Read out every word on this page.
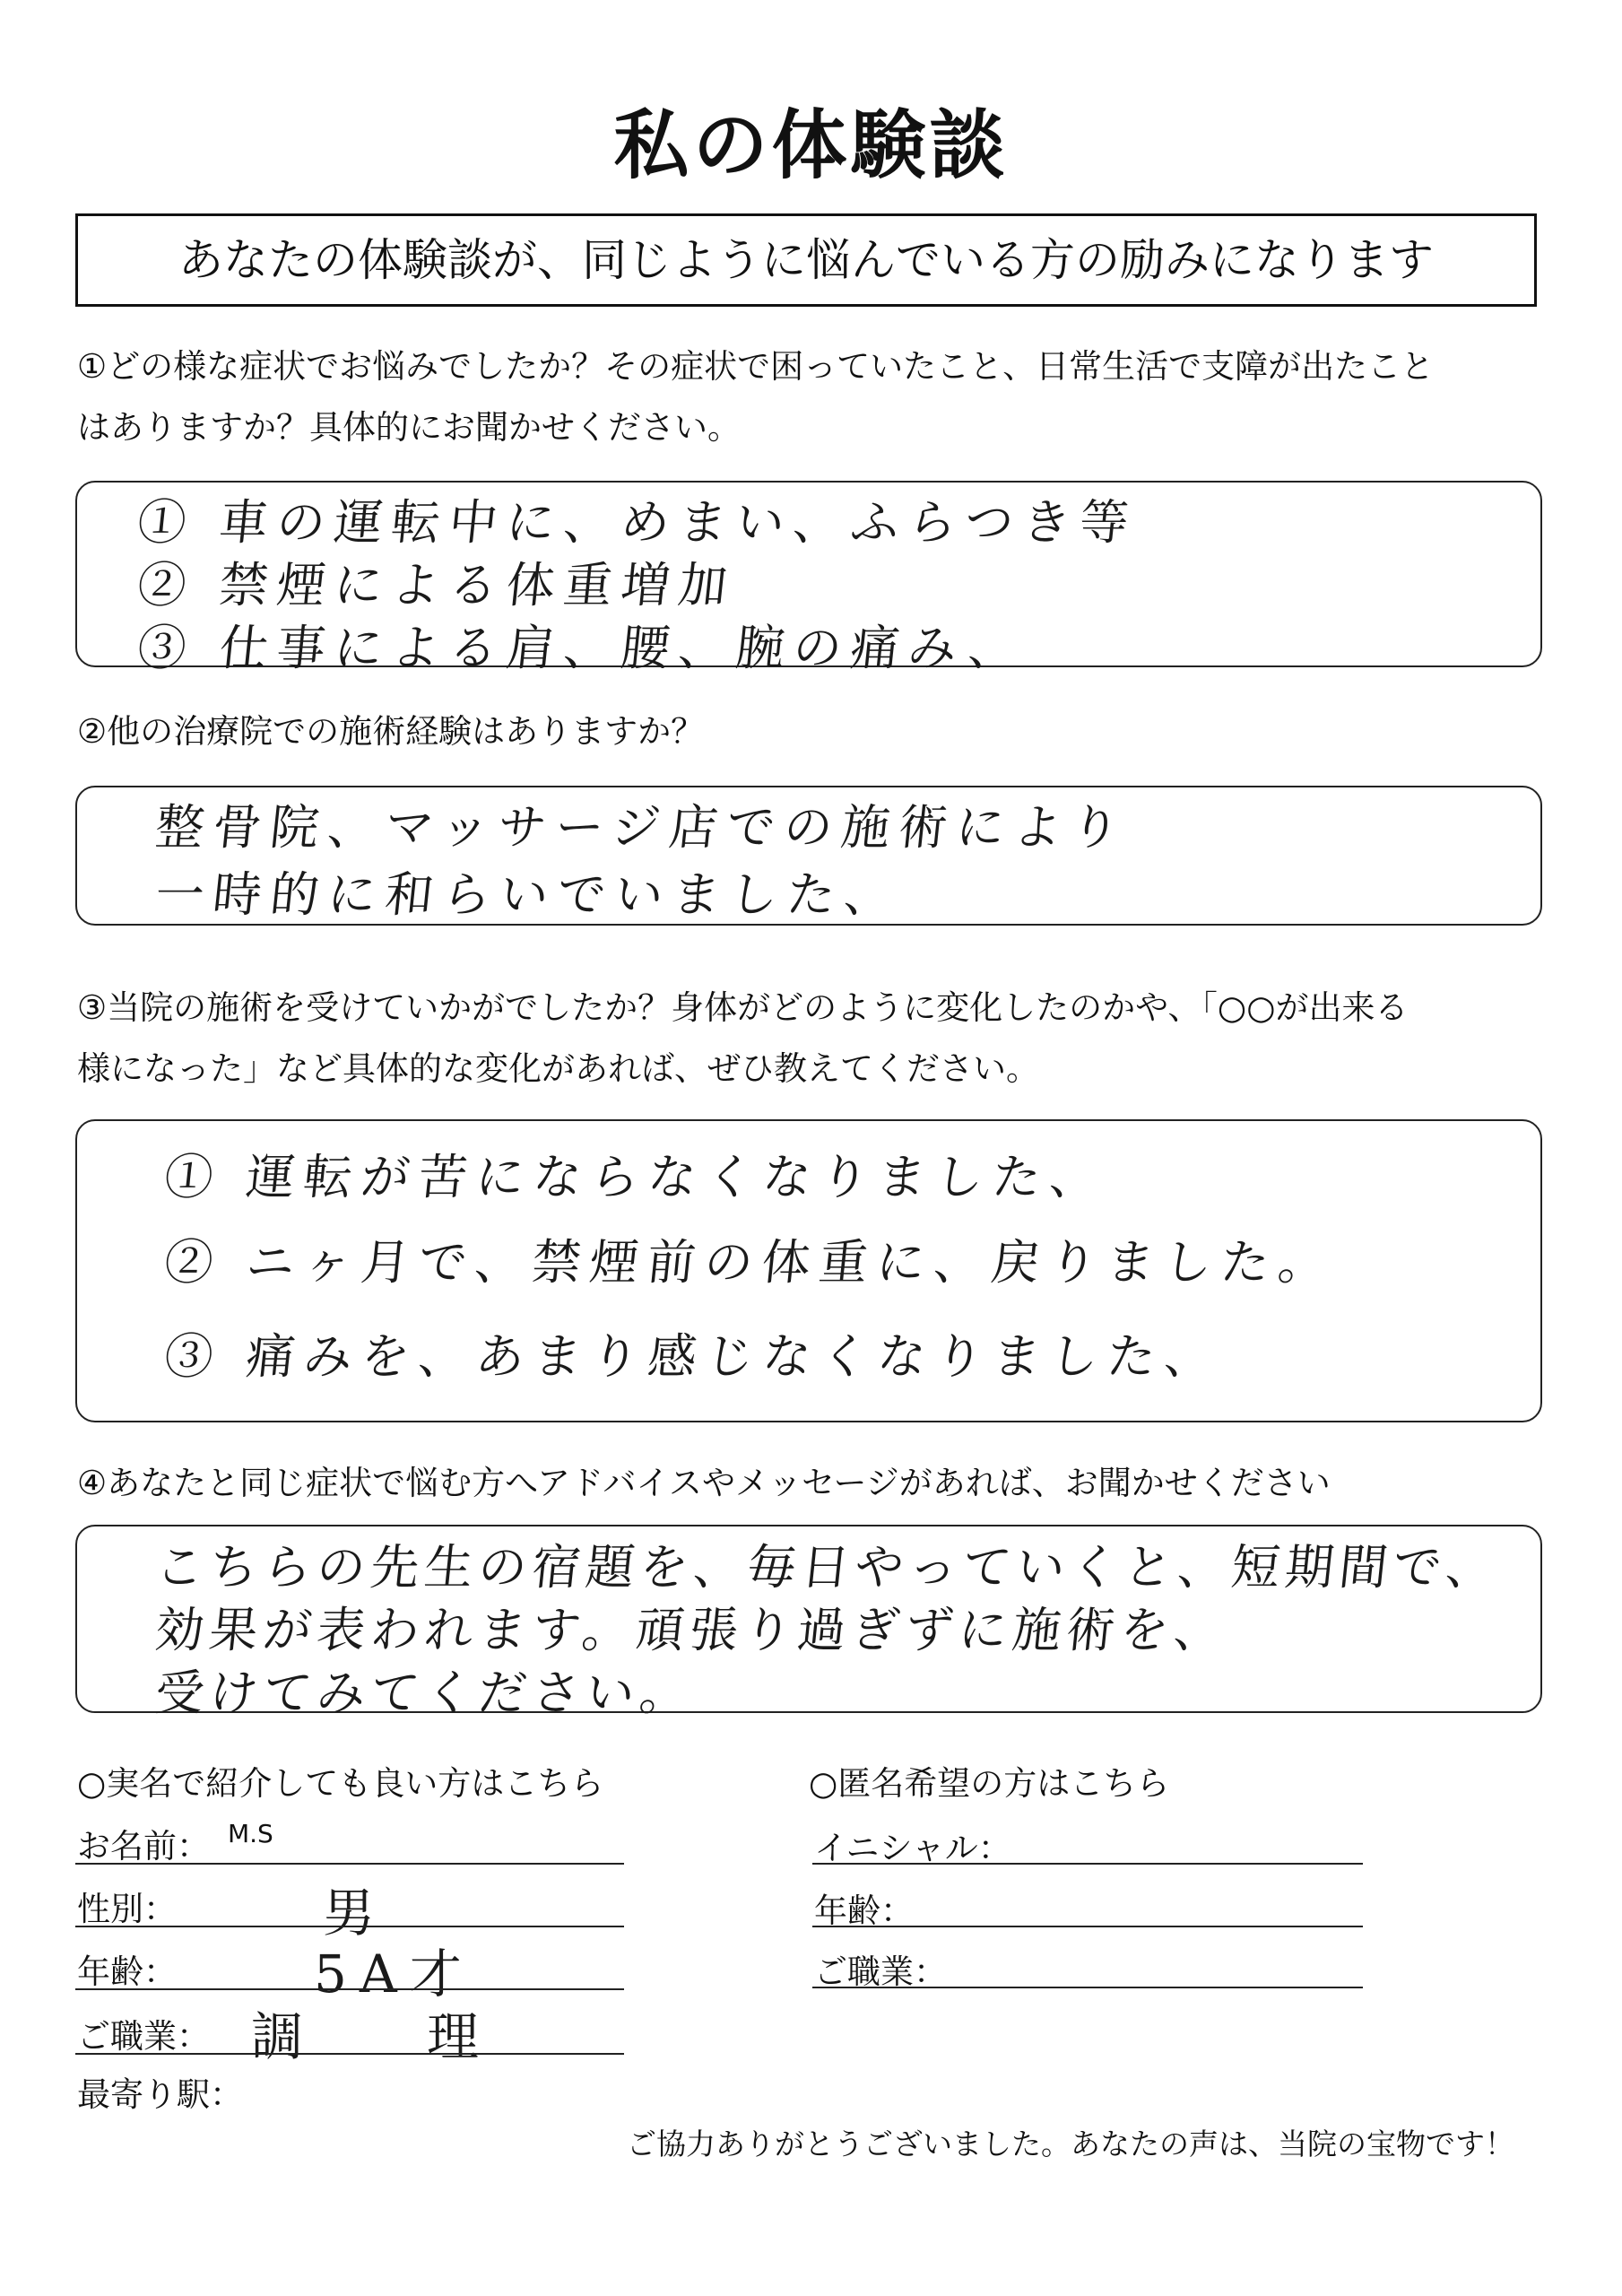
私の体験談
あなたの体験談が、同じように悩んでいる方の励みになります
①どの様な症状でお悩みでしたか？その症状で困っていたこと、日常生活で支障が出たこと
はありますか？具体的にお聞かせください。
① 車の運転中に、めまい、ふらつき等
② 禁煙による体重増加
③ 仕事による肩、腰、腕の痛み、
②他の治療院での施術経験はありますか？
整骨院、マッサージ店での施術により
一時的に和らいでいました、
③当院の施術を受けていかがでしたか？身体がどのように変化したのかや、「○○が出来る
様になった」など具体的な変化があれば、ぜひ教えてください。
① 運転が苦にならなくなりました、
② ニヶ月で、禁煙前の体重に、戻りました。
③ 痛みを、あまり感じなくなりました、
④あなたと同じ症状で悩む方へアドバイスやメッセージがあれば、お聞かせください
こちらの先生の宿題を、毎日やっていくと、短期間で、
効果が表われます。頑張り過ぎずに施術を、
受けてみてください。
○実名で紹介しても良い方はこちら
お名前： M.S
性別：	男
年齢：	5A才
ご職業： 調　理
最寄り駅：
○匿名希望の方はこちら
イニシャル：
年齢：
ご職業：
ご協力ありがとうございました。あなたの声は、当院の宝物です！
